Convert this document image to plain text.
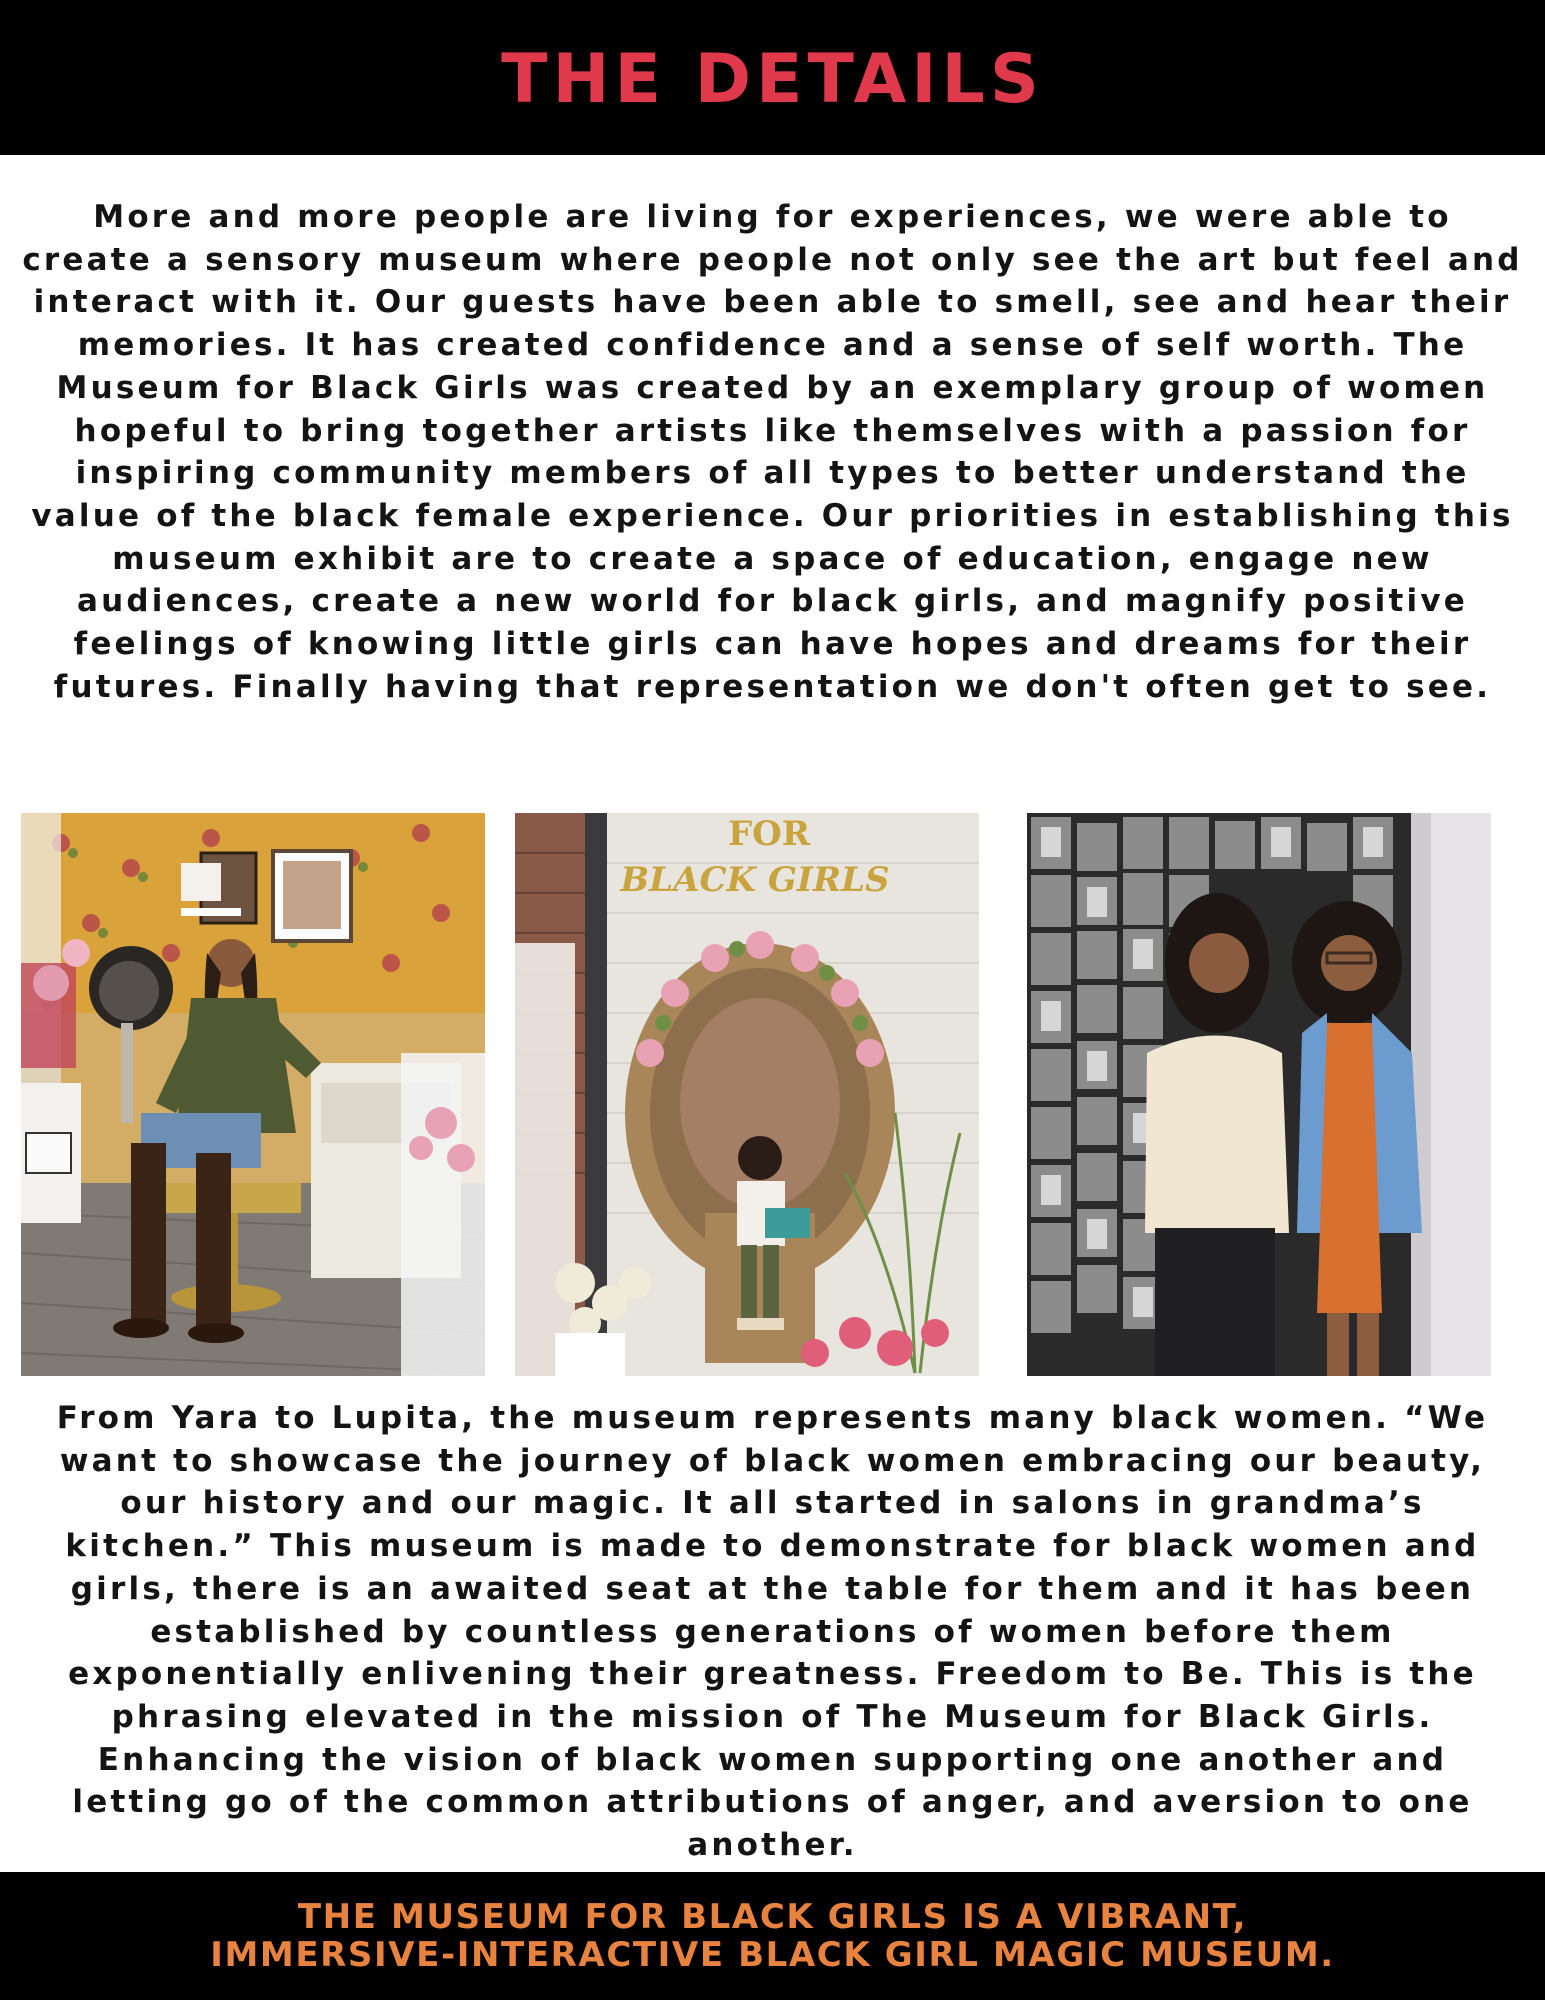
THE DETAILS

More and more people are living for experiences, we were able to create a sensory museum where people not only see the art but feel and interact with it. Our guests have been able to smell, see and hear their memories. It has created confidence and a sense of self worth. The Museum for Black Girls was created by an exemplary group of women hopeful to bring together artists like themselves with a passion for inspiring community members of all types to better understand the value of the black female experience. Our priorities in establishing this museum exhibit are to create a space of education, engage new audiences, create a new world for black girls, and magnify positive feelings of knowing little girls can have hopes and dreams for their futures. Finally having that representation we don't often get to see.

FOR
BLACK GIRLS

From Yara to Lupita, the museum represents many black women. “We want to showcase the journey of black women embracing our beauty, our history and our magic. It all started in salons in grandma’s kitchen.” This museum is made to demonstrate for black women and girls, there is an awaited seat at the table for them and it has been established by countless generations of women before them exponentially enlivening their greatness. Freedom to Be. This is the phrasing elevated in the mission of The Museum for Black Girls. Enhancing the vision of black women supporting one another and letting go of the common attributions of anger, and aversion to one another.

THE MUSEUM FOR BLACK GIRLS IS A VIBRANT,
IMMERSIVE-INTERACTIVE BLACK GIRL MAGIC MUSEUM.
